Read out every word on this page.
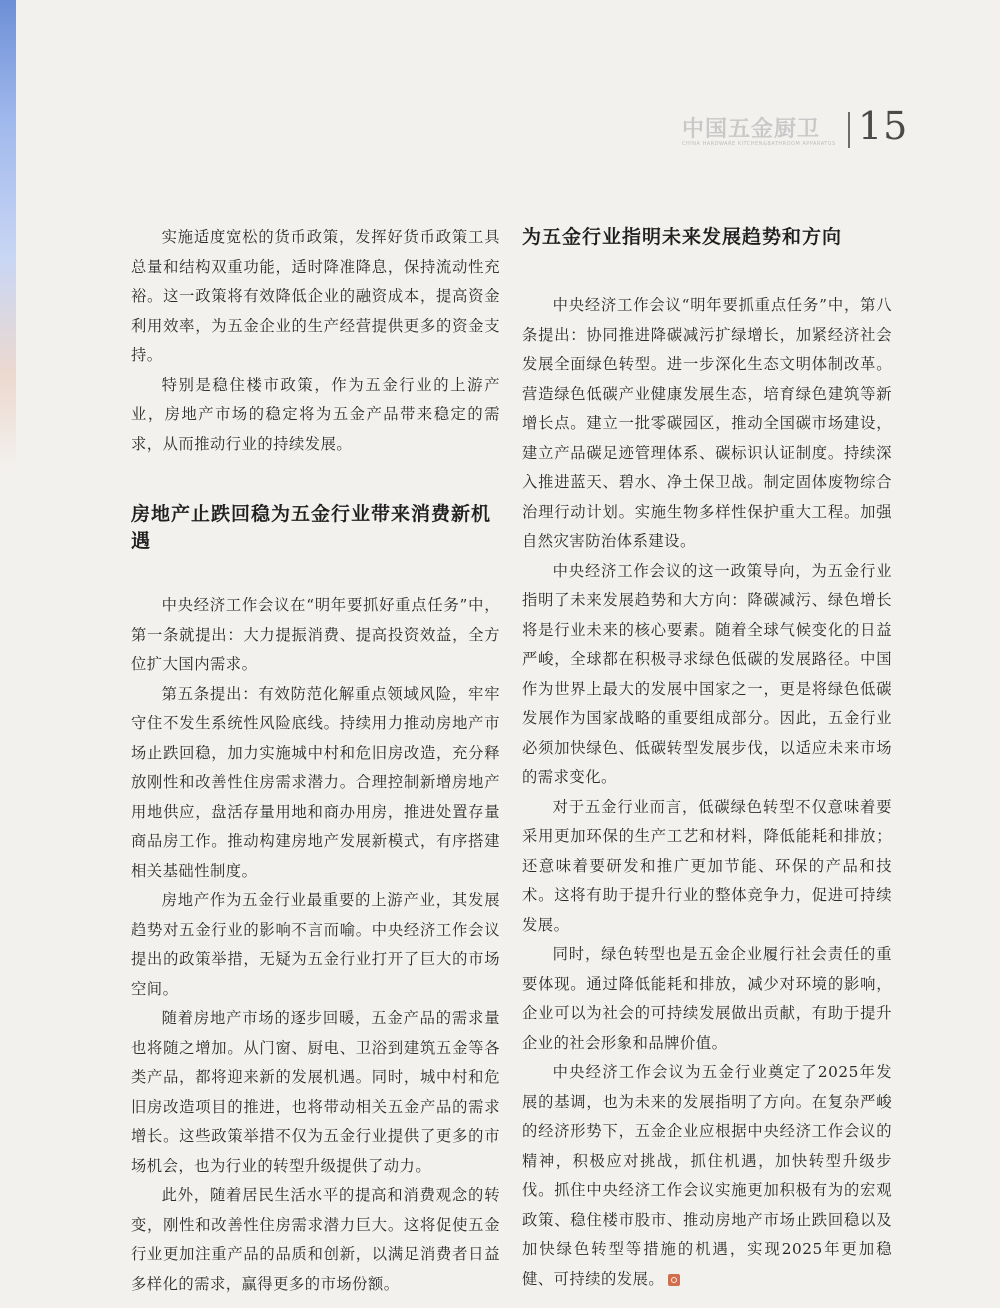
中国五金厨卫
CHINA HARDWARE KITCHEN&BATHROOM APPARATUS 15

实施适度宽松的货币政策，发挥好货币政策工具总量和结构双重功能，适时降准降息，保持流动性充裕。这一政策将有效降低企业的融资成本，提高资金利用效率，为五金企业的生产经营提供更多的资金支持。

特别是稳住楼市政策，作为五金行业的上游产业，房地产市场的稳定将为五金产品带来稳定的需求，从而推动行业的持续发展。

房地产止跌回稳为五金行业带来消费新机遇

中央经济工作会议在“明年要抓好重点任务”中，第一条就提出：大力提振消费、提高投资效益，全方位扩大国内需求。

第五条提出：有效防范化解重点领域风险，牢牢守住不发生系统性风险底线。持续用力推动房地产市场止跌回稳，加力实施城中村和危旧房改造，充分释放刚性和改善性住房需求潜力。合理控制新增房地产用地供应，盘活存量用地和商办用房，推进处置存量商品房工作。推动构建房地产发展新模式，有序搭建相关基础性制度。

房地产作为五金行业最重要的上游产业，其发展趋势对五金行业的影响不言而喻。中央经济工作会议提出的政策举措，无疑为五金行业打开了巨大的市场空间。

随着房地产市场的逐步回暖，五金产品的需求量也将随之增加。从门窗、厨电、卫浴到建筑五金等各类产品，都将迎来新的发展机遇。同时，城中村和危旧房改造项目的推进，也将带动相关五金产品的需求增长。这些政策举措不仅为五金行业提供了更多的市场机会，也为行业的转型升级提供了动力。

此外，随着居民生活水平的提高和消费观念的转变，刚性和改善性住房需求潜力巨大。这将促使五金行业更加注重产品的品质和创新，以满足消费者日益多样化的需求，赢得更多的市场份额。

为五金行业指明未来发展趋势和方向

中央经济工作会议“明年要抓重点任务”中，第八条提出：协同推进降碳减污扩绿增长，加紧经济社会发展全面绿色转型。进一步深化生态文明体制改革。营造绿色低碳产业健康发展生态，培育绿色建筑等新增长点。建立一批零碳园区，推动全国碳市场建设，建立产品碳足迹管理体系、碳标识认证制度。持续深入推进蓝天、碧水、净土保卫战。制定固体废物综合治理行动计划。实施生物多样性保护重大工程。加强自然灾害防治体系建设。

中央经济工作会议的这一政策导向，为五金行业指明了未来发展趋势和大方向：降碳减污、绿色增长将是行业未来的核心要素。随着全球气候变化的日益严峻，全球都在积极寻求绿色低碳的发展路径。中国作为世界上最大的发展中国家之一，更是将绿色低碳发展作为国家战略的重要组成部分。因此，五金行业必须加快绿色、低碳转型发展步伐，以适应未来市场的需求变化。

对于五金行业而言，低碳绿色转型不仅意味着要采用更加环保的生产工艺和材料，降低能耗和排放；还意味着要研发和推广更加节能、环保的产品和技术。这将有助于提升行业的整体竞争力，促进可持续发展。

同时，绿色转型也是五金企业履行社会责任的重要体现。通过降低能耗和排放，减少对环境的影响，企业可以为社会的可持续发展做出贡献，有助于提升企业的社会形象和品牌价值。

中央经济工作会议为五金行业奠定了2025年发展的基调，也为未来的发展指明了方向。在复杂严峻的经济形势下，五金企业应根据中央经济工作会议的精神，积极应对挑战，抓住机遇，加快转型升级步伐。抓住中央经济工作会议实施更加积极有为的宏观政策、稳住楼市股市、推动房地产市场止跌回稳以及加快绿色转型等措施的机遇，实现2025年更加稳健、可持续的发展。
